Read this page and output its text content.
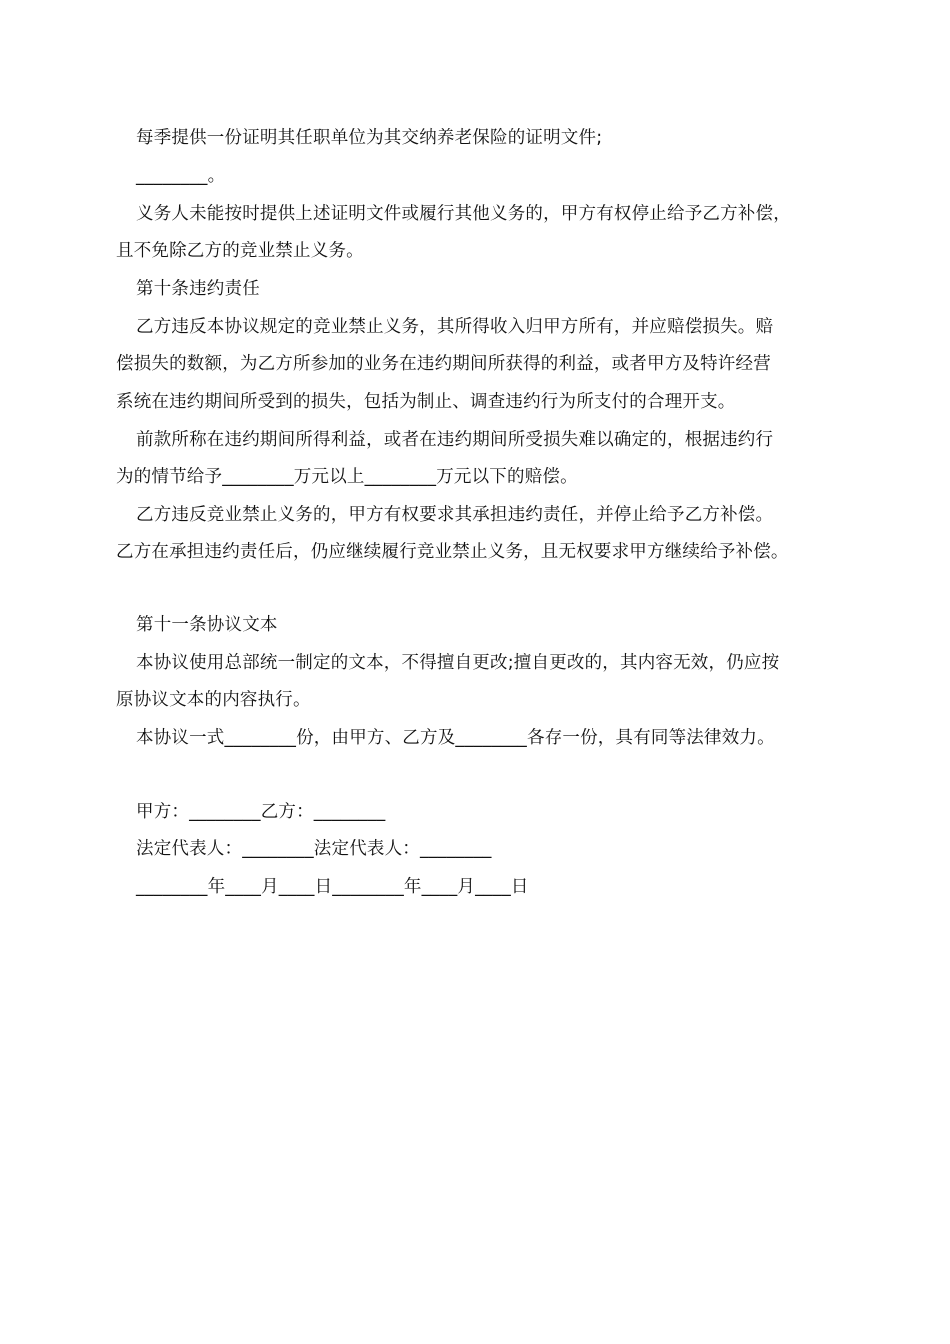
每季提供一份证明其任职单位为其交纳养老保险的证明文件;
________。
义务人未能按时提供上述证明文件或履行其他义务的，甲方有权停止给予乙方补偿，
且不免除乙方的竞业禁止义务。
第十条违约责任
乙方违反本协议规定的竞业禁止义务，其所得收入归甲方所有，并应赔偿损失。赔
偿损失的数额，为乙方所参加的业务在违约期间所获得的利益，或者甲方及特许经营
系统在违约期间所受到的损失，包括为制止、调查违约行为所支付的合理开支。
前款所称在违约期间所得利益，或者在违约期间所受损失难以确定的，根据违约行
为的情节给予________万元以上________万元以下的赔偿。
乙方违反竞业禁止义务的，甲方有权要求其承担违约责任，并停止给予乙方补偿。
乙方在承担违约责任后，仍应继续履行竞业禁止义务，且无权要求甲方继续给予补偿。
第十一条协议文本
本协议使用总部统一制定的文本，不得擅自更改;擅自更改的，其内容无效，仍应按
原协议文本的内容执行。
本协议一式________份，由甲方、乙方及________各存一份，具有同等法律效力。
甲方：________乙方：________
法定代表人：________法定代表人：________
________年____月____日________年____月____日
